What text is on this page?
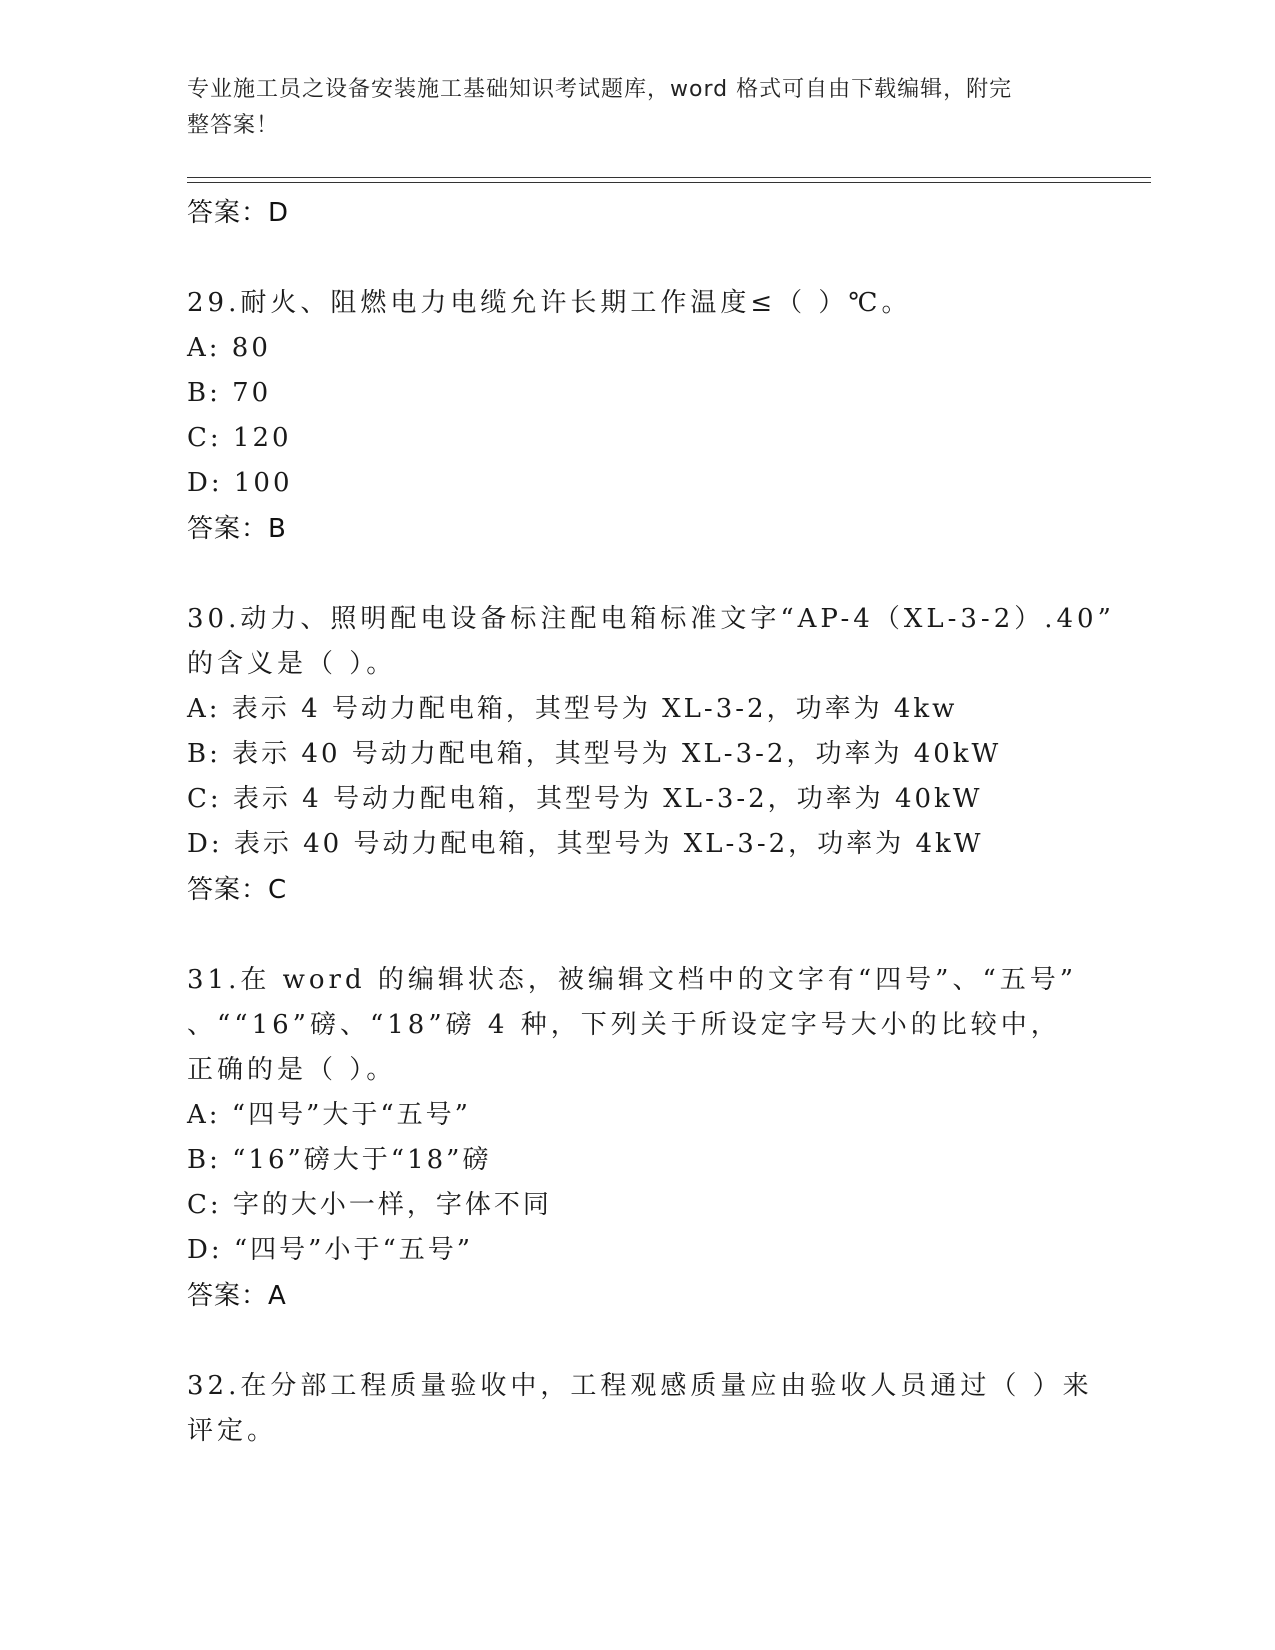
专业施工员之设备安装施工基础知识考试题库，word 格式可自由下载编辑，附完
整答案！
答案：D
29.耐火、阻燃电力电缆允许长期工作温度≤（ ）℃。
A: 80
B: 70
C: 120
D: 100
答案：B
30.动力、照明配电设备标注配电箱标准文字“AP-4（XL-3-2）.40”
的含义是（ ）。
A: 表示 4 号动力配电箱，其型号为 XL-3-2，功率为 4kw
B: 表示 40 号动力配电箱，其型号为 XL-3-2，功率为 40kW
C: 表示 4 号动力配电箱，其型号为 XL-3-2，功率为 40kW
D: 表示 40 号动力配电箱，其型号为 XL-3-2，功率为 4kW
答案：C
31.在 word 的编辑状态，被编辑文档中的文字有“四号”、“五号”
、““16”磅、“18”磅 4 种，下列关于所设定字号大小的比较中，
正确的是（ ）。
A: “四号”大于“五号”
B: “16”磅大于“18”磅
C: 字的大小一样，字体不同
D: “四号”小于“五号”
答案：A
32.在分部工程质量验收中，工程观感质量应由验收人员通过（ ）来
评定。
